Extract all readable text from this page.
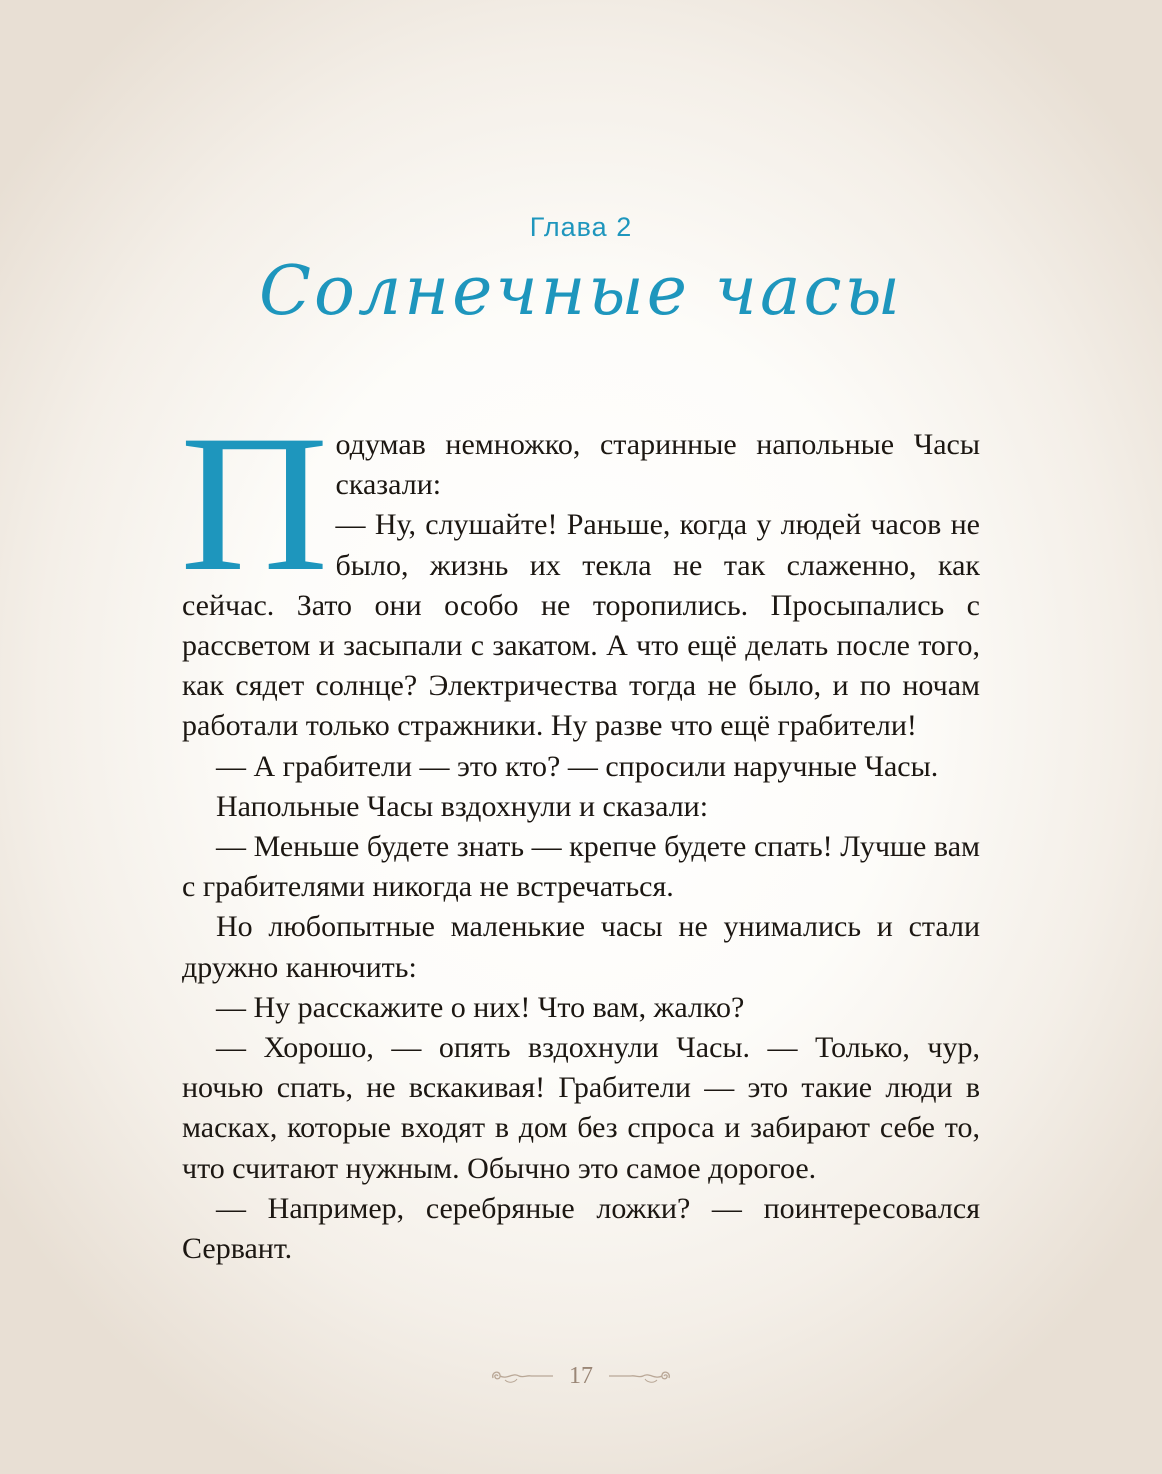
Глава 2
Солнечные часы

Подумав немножко, старинные напольные Часы сказали:

— Ну, слушайте! Раньше, когда у людей часов не было, жизнь их текла не так слаженно, как сейчас. Зато они особо не торопились. Просыпались с рассветом и засыпали с закатом. А что ещё делать после того, как сядет солнце? Электричества тогда не было, и по ночам работали только стражники. Ну разве что ещё грабители!

— А грабители — это кто? — спросили наручные Часы.

Напольные Часы вздохнули и сказали:

— Меньше будете знать — крепче будете спать! Лучше вам с грабителями никогда не встречаться.

Но любопытные маленькие часы не унимались и стали дружно канючить:

— Ну расскажите о них! Что вам, жалко?

— Хорошо, — опять вздохнули Часы. — Только, чур, ночью спать, не вскакивая! Грабители — это такие люди в масках, которые входят в дом без спроса и забирают себе то, что считают нужным. Обычно это самое дорогое.

— Например, серебряные ложки? — поинтересовался Сервант.

17
